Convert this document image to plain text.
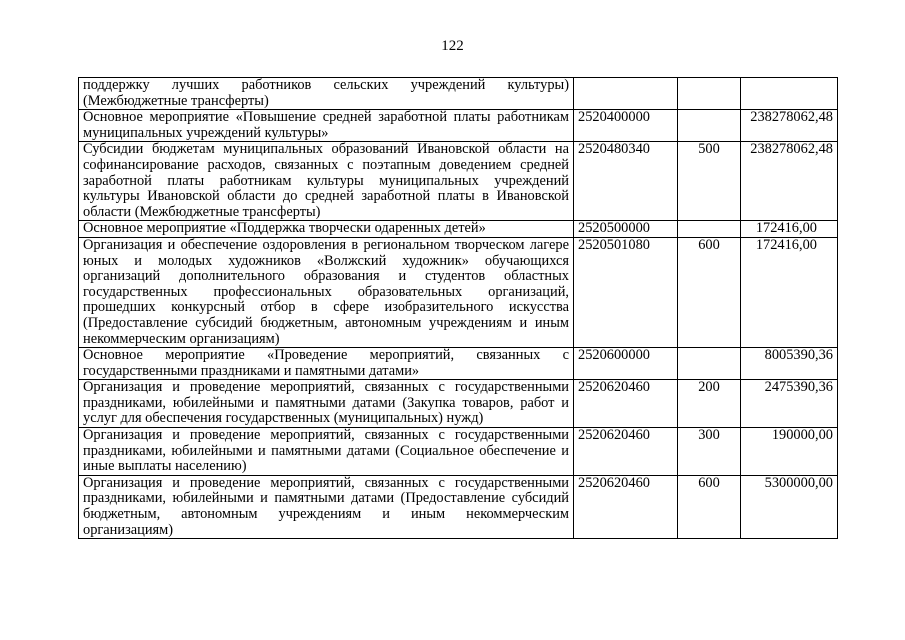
122
поддержку лучших работников сельских учреждений культуры) (Межбюджетные трансферты)			
Основное мероприятие «Повышение средней заработной платы работникам муниципальных учреждений культуры»	2520400000		238278062,48
Субсидии бюджетам муниципальных образований Ивановской области на софинансирование расходов, связанных с поэтапным доведением средней заработной платы работникам культуры муниципальных учреждений культуры Ивановской области до средней заработной платы в Ивановской области (Межбюджетные трансферты)	2520480340	500	238278062,48
Основное мероприятие «Поддержка творчески одаренных детей»	2520500000		172416,00
Организация и обеспечение оздоровления в региональном творческом лагере юных и молодых художников «Волжский художник» обучающихся организаций дополнительного образования и студентов областных государственных профессиональных образовательных организаций, прошедших конкурсный отбор в сфере изобразительного искусства (Предоставление субсидий бюджетным, автономным учреждениям и иным некоммерческим организациям)	2520501080	600	172416,00
Основное мероприятие «Проведение мероприятий, связанных с государственными праздниками и памятными датами»	2520600000		8005390,36
Организация и проведение мероприятий, связанных с государственными праздниками, юбилейными и памятными датами (Закупка товаров, работ и услуг для обеспечения государственных (муниципальных) нужд)	2520620460	200	2475390,36
Организация и проведение мероприятий, связанных с государственными праздниками, юбилейными и памятными датами (Социальное обеспечение и иные выплаты населению)	2520620460	300	190000,00
Организация и проведение мероприятий, связанных с государственными праздниками, юбилейными и памятными датами (Предоставление субсидий бюджетным, автономным учреждениям и иным некоммерческим организациям)	2520620460	600	5300000,00
